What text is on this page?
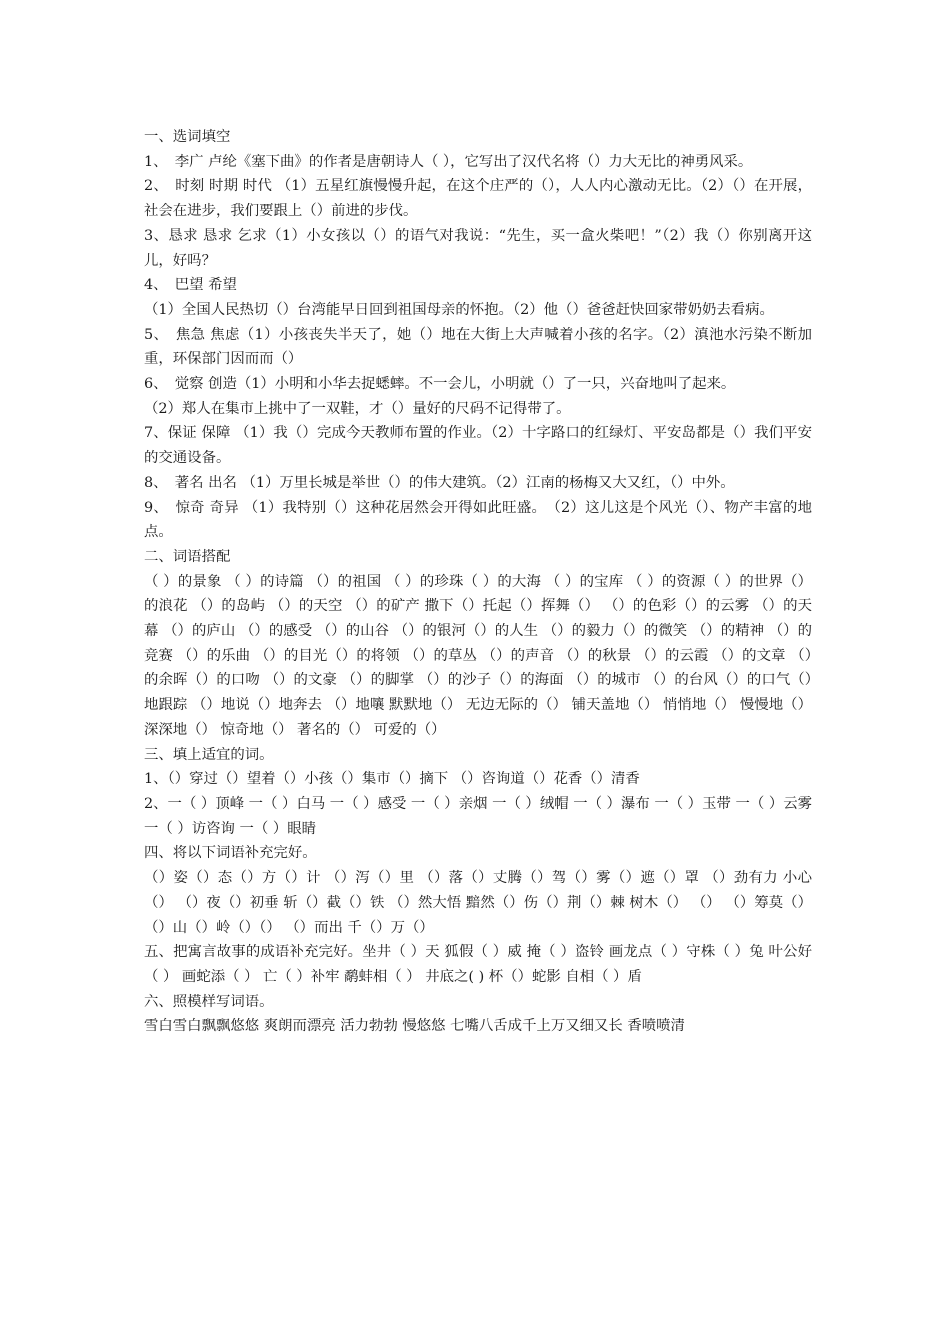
一、选词填空

1、　李广 卢纶《塞下曲》的作者是唐朝诗人（ ），它写出了汉代名将（）力大无比的神勇风采。

2、　时刻 时期 时代 （1）五星红旗慢慢升起，在这个庄严的（），人人内心激动无比。（2）（）在开展，社会在进步，我们要跟上（）前进的步伐。

3、恳求 恳求 乞求（1）小女孩以（）的语气对我说：“先生，买一盒火柴吧！”（2）我（）你别离开这儿，好吗？

4、　巴望 希望

（1）全国人民热切（）台湾能早日回到祖国母亲的怀抱。（2）他（）爸爸赶快回家带奶奶去看病。

5、　焦急 焦虑（1）小孩丧失半天了，她（）地在大街上大声喊着小孩的名字。（2）滇池水污染不断加重，环保部门因而而（）

6、　觉察 创造（1）小明和小华去捉蟋蟀。不一会儿，小明就（）了一只，兴奋地叫了起来。

（2）郑人在集市上挑中了一双鞋，才（）量好的尺码不记得带了。

7、保证 保障 （1）我（）完成今天教师布置的作业。（2）十字路口的红绿灯、平安岛都是（）我们平安的交通设备。

8、　著名 出名 （1）万里长城是举世（）的伟大建筑。（2）江南的杨梅又大又红，（）中外。

9、　惊奇 奇异 （1）我特别（）这种花居然会开得如此旺盛。　（2）这儿这是个风光（）、物产丰富的地点。

二、词语搭配

（ ）的景象 （ ）的诗篇 （）的祖国 （ ）的珍珠（ ）的大海 （ ）的宝库 （ ）的资源（ ）的世界（）的浪花 （）的岛屿 （）的天空 （）的矿产 撒下（）托起（）挥舞（） （）的色彩（）的云雾 （）的天幕 （）的庐山 （）的感受 （）的山谷 （）的银河（）的人生 （）的毅力（）的微笑 （）的精神 （）的竞赛 （）的乐曲 （）的目光（）的将领 （）的草丛 （）的声音 （）的秋景 （）的云霞 （）的文章 （）的余晖（）的口吻 （）的文豪 （）的脚掌 （）的沙子（）的海面 （）的城市 （）的台风（）的口气（）地跟踪 （）地说（）地奔去 （）地嚷 默默地（） 无边无际的（） 铺天盖地（） 悄悄地（） 慢慢地（） 深深地（） 惊奇地（） 著名的（） 可爱的（）

三、填上适宜的词。

1、（）穿过（）望着（）小孩（）集市（）摘下 （）咨询道（）花香（）清香

2、一（ ）顶峰 一（ ）白马 一（ ）感受 一（ ）亲烟 一（ ）绒帽 一（ ）瀑布 一（ ）玉带 一（ ）云雾 一（ ）访咨询 一（ ）眼睛

四、将以下词语补充完好。

（）姿（）态（）方（）计 （）泻（）里 （）落（）丈腾（）驾（）雾（）遮（）罩 （）劲有力 小心（） （）夜（）初垂 斩（）截（）铁 （）然大悟 黯然（）伤（）荆（）棘 树木（） （） （）筹莫（） （）山（）岭（）（） （）而出 千（）万（）

五、把寓言故事的成语补充完好。坐井（ ）天 狐假（ ）威 掩（ ）盗铃 画龙点（ ）守株（ ）兔 叶公好（ ） 画蛇添（ ） 亡（ ）补牢 鹬蚌相（ ） 井底之( ) 杯（）蛇影 自相（ ）盾

六、照模样写词语。

雪白雪白飘飘悠悠 爽朗而漂亮 活力勃勃 慢悠悠 七嘴八舌成千上万又细又长 香喷喷清
